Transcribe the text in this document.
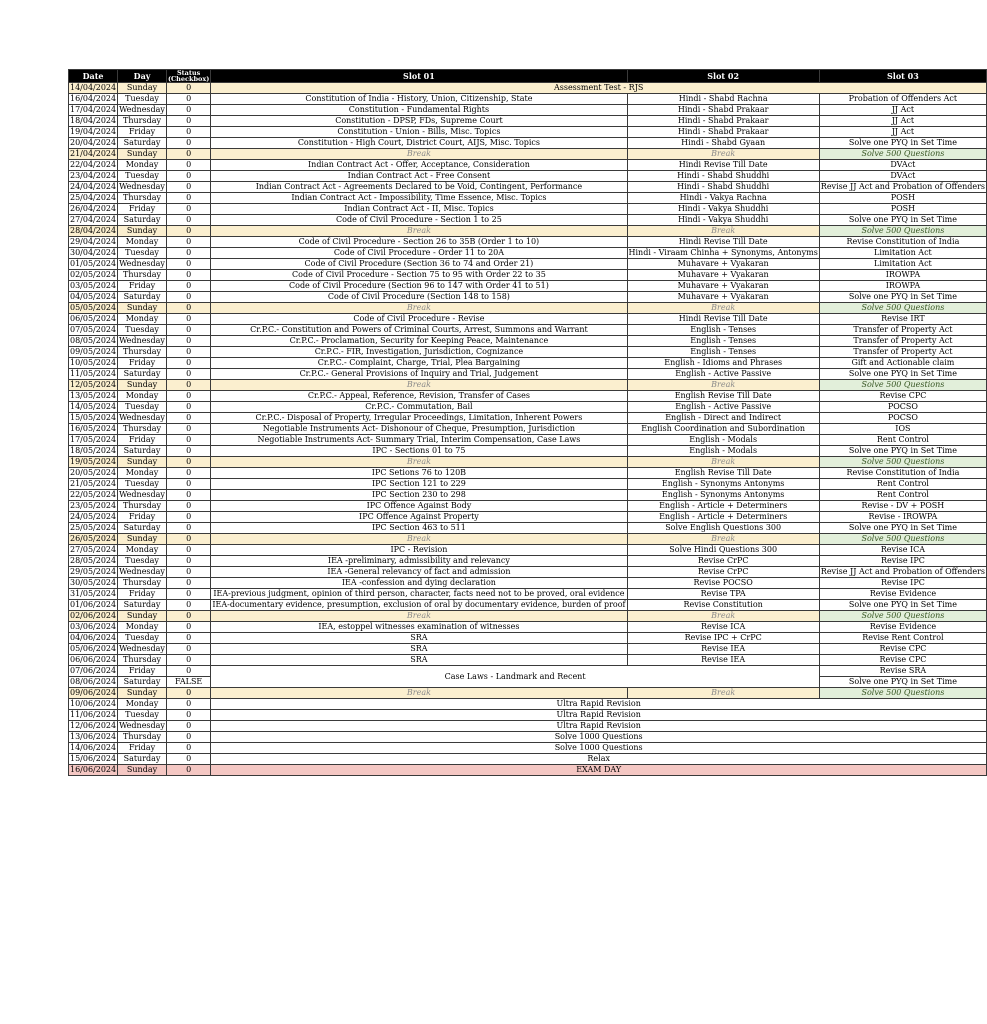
Date	Day	Status (Checkbox)	Slot 01	Slot 02	Slot 03
14/04/2024	Sunday	0	Assessment Test - RJS		
16/04/2024	Tuesday	0	Constitution of India - History, Union, Citizenship, State	Hindi - Shabd Rachna	Probation of Offenders Act
17/04/2024	Wednesday	0	Constitution - Fundamental Rights	Hindi - Shabd Prakaar	JJ Act
18/04/2024	Thursday	0	Constitution - DPSP, FDs, Supreme Court	Hindi - Shabd Prakaar	JJ Act
19/04/2024	Friday	0	Constitution - Union - Bills, Misc. Topics	Hindi - Shabd Prakaar	JJ Act
20/04/2024	Saturday	0	Constitution - High Court, District Court, AIJS, Misc. Topics	Hindi - Shabd Gyaan	Solve one PYQ in Set Time
21/04/2024	Sunday	0	Break	Break	Solve 500 Questions
22/04/2024	Monday	0	Indian Contract Act - Offer, Acceptance, Consideration	Hindi Revise Till Date	DVAct
23/04/2024	Tuesday	0	Indian Contract Act - Free Consent	Hindi - Shabd Shuddhi	DVAct
24/04/2024	Wednesday	0	Indian Contract Act - Agreements Declared to be Void, Contingent, Performance	Hindi - Shabd Shuddhi	Revise JJ Act and Probation of Offenders
25/04/2024	Thursday	0	Indian Contract Act - Impossibility, Time Essence, Misc. Topics	Hindi - Vakya Rachna	POSH
26/04/2024	Friday	0	Indian Contract Act - II, Misc. Topics	Hindi - Vakya Shuddhi	POSH
27/04/2024	Saturday	0	Code of Civil Procedure - Section 1 to 25	Hindi - Vakya Shuddhi	Solve one PYQ in Set Time
28/04/2024	Sunday	0	Break	Break	Solve 500 Questions
29/04/2024	Monday	0	Code of Civil Procedure - Section 26 to 35B (Order 1 to 10)	Hindi Revise Till Date	Revise Constitution of India
30/04/2024	Tuesday	0	Code of Civil Procedure - Order 11 to 20A	Hindi - Viraam Chinha + Synonyms, Antonyms	Limitation Act
01/05/2024	Wednesday	0	Code of Civil Procedure (Section 36 to 74 and Order 21)	Muhavare + Vyakaran	Limitation Act
02/05/2024	Thursday	0	Code of Civil Procedure - Section 75 to 95 with Order 22 to 35	Muhavare + Vyakaran	IROWPA
03/05/2024	Friday	0	Code of Civil Procedure (Section 96 to 147 with Order 41 to 51)	Muhavare + Vyakaran	IROWPA
04/05/2024	Saturday	0	Code of Civil Procedure (Section 148 to 158)	Muhavare + Vyakaran	Solve one PYQ in Set Time
05/05/2024	Sunday	0	Break	Break	Solve 500 Questions
06/05/2024	Monday	0	Code of Civil Procedure - Revise	Hindi Revise Till Date	Revise IRT
07/05/2024	Tuesday	0	Cr.P.C.- Constitution and Powers of Criminal Courts, Arrest, Summons and Warrant	English - Tenses	Transfer of Property Act
08/05/2024	Wednesday	0	Cr.P.C.- Proclamation, Security for Keeping Peace, Maintenance	English - Tenses	Transfer of Property Act
09/05/2024	Thursday	0	Cr.P.C.- FIR, Investigation, Jurisdiction, Cognizance	English - Tenses	Transfer of Property Act
10/05/2024	Friday	0	Cr.P.C.- Complaint, Charge, Trial, Plea Bargaining	English - Idioms and Phrases	Gift and Actionable claim
11/05/2024	Saturday	0	Cr.P.C.- General Provisions of Inquiry and Trial, Judgement	English - Active Passive	Solve one PYQ in Set Time
12/05/2024	Sunday	0	Break	Break	Solve 500 Questions
13/05/2024	Monday	0	Cr.P.C.- Appeal, Reference, Revision, Transfer of Cases	English Revise Till Date	Revise CPC
14/05/2024	Tuesday	0	Cr.P.C.- Commutation, Bail	English - Active Passive	POCSO
15/05/2024	Wednesday	0	Cr.P.C.- Disposal of Property, Irregular Proceedings, Limitation, Inherent Powers	English - Direct and Indirect	POCSO
16/05/2024	Thursday	0	Negotiable Instruments Act- Dishonour of Cheque, Presumption, Jurisdiction	English Coordination and Subordination	IOS
17/05/2024	Friday	0	Negotiable Instruments Act- Summary Trial, Interim Compensation, Case Laws	English - Modals	Rent Control
18/05/2024	Saturday	0	IPC - Sections 01 to 75	English - Modals	Solve one PYQ in Set Time
19/05/2024	Sunday	0	Break	Break	Solve 500 Questions
20/05/2024	Monday	0	IPC Setions 76 to 120B	English Revise Till Date	Revise Constitution of India
21/05/2024	Tuesday	0	IPC Section 121 to 229	English - Synonyms Antonyms	Rent Control
22/05/2024	Wednesday	0	IPC Section 230 to 298	English - Synonyms Antonyms	Rent Control
23/05/2024	Thursday	0	IPC Offence Against Body	English - Article + Determiners	Revise - DV + POSH
24/05/2024	Friday	0	IPC Offence Against Property	English - Article + Determiners	Revise - IROWPA
25/05/2024	Saturday	0	IPC Section 463 to 511	Solve English Questions 300	Solve one PYQ in Set Time
26/05/2024	Sunday	0	Break	Break	Solve 500 Questions
27/05/2024	Monday	0	IPC - Revision	Solve Hindi Questions 300	Revise ICA
28/05/2024	Tuesday	0	IEA -preliminary, admissibility and relevancy	Revise CrPC	Revise IPC
29/05/2024	Wednesday	0	IEA -General relevancy of fact and admission	Revise CrPC	Revise JJ Act and Probation of Offenders
30/05/2024	Thursday	0	IEA -confession and dying declaration	Revise POCSO	Revise IPC
31/05/2024	Friday	0	IEA-previous judgment, opinion of third person, character, facts need not to be proved, oral evidence	Revise TPA	Revise Evidence
01/06/2024	Saturday	0	IEA-documentary evidence, presumption, exclusion of oral by documentary evidence, burden of proof	Revise Constitution	Solve one PYQ in Set Time
02/06/2024	Sunday	0	Break	Break	Solve 500 Questions
03/06/2024	Monday	0	IEA, estoppel witnesses examination of witnesses	Revise ICA	Revise Evidence
04/06/2024	Tuesday	0	SRA	Revise IPC + CrPC	Revise Rent Control
05/06/2024	Wednesday	0	SRA	Revise IEA	Revise CPC
06/06/2024	Thursday	0	SRA	Revise IEA	Revise CPC
07/06/2024	Friday	0	Case Laws - Landmark and Recent		Revise SRA
08/06/2024	Saturday	FALSE			Solve one PYQ in Set Time
09/06/2024	Sunday	0	Break	Break	Solve 500 Questions
10/06/2024	Monday	0	Ultra Rapid Revision		
11/06/2024	Tuesday	0	Ultra Rapid Revision		
12/06/2024	Wednesday	0	Ultra Rapid Revision		
13/06/2024	Thursday	0	Solve 1000 Questions		
14/06/2024	Friday	0	Solve 1000 Questions		
15/06/2024	Saturday	0	Relax		
16/06/2024	Sunday	0	EXAM DAY		
